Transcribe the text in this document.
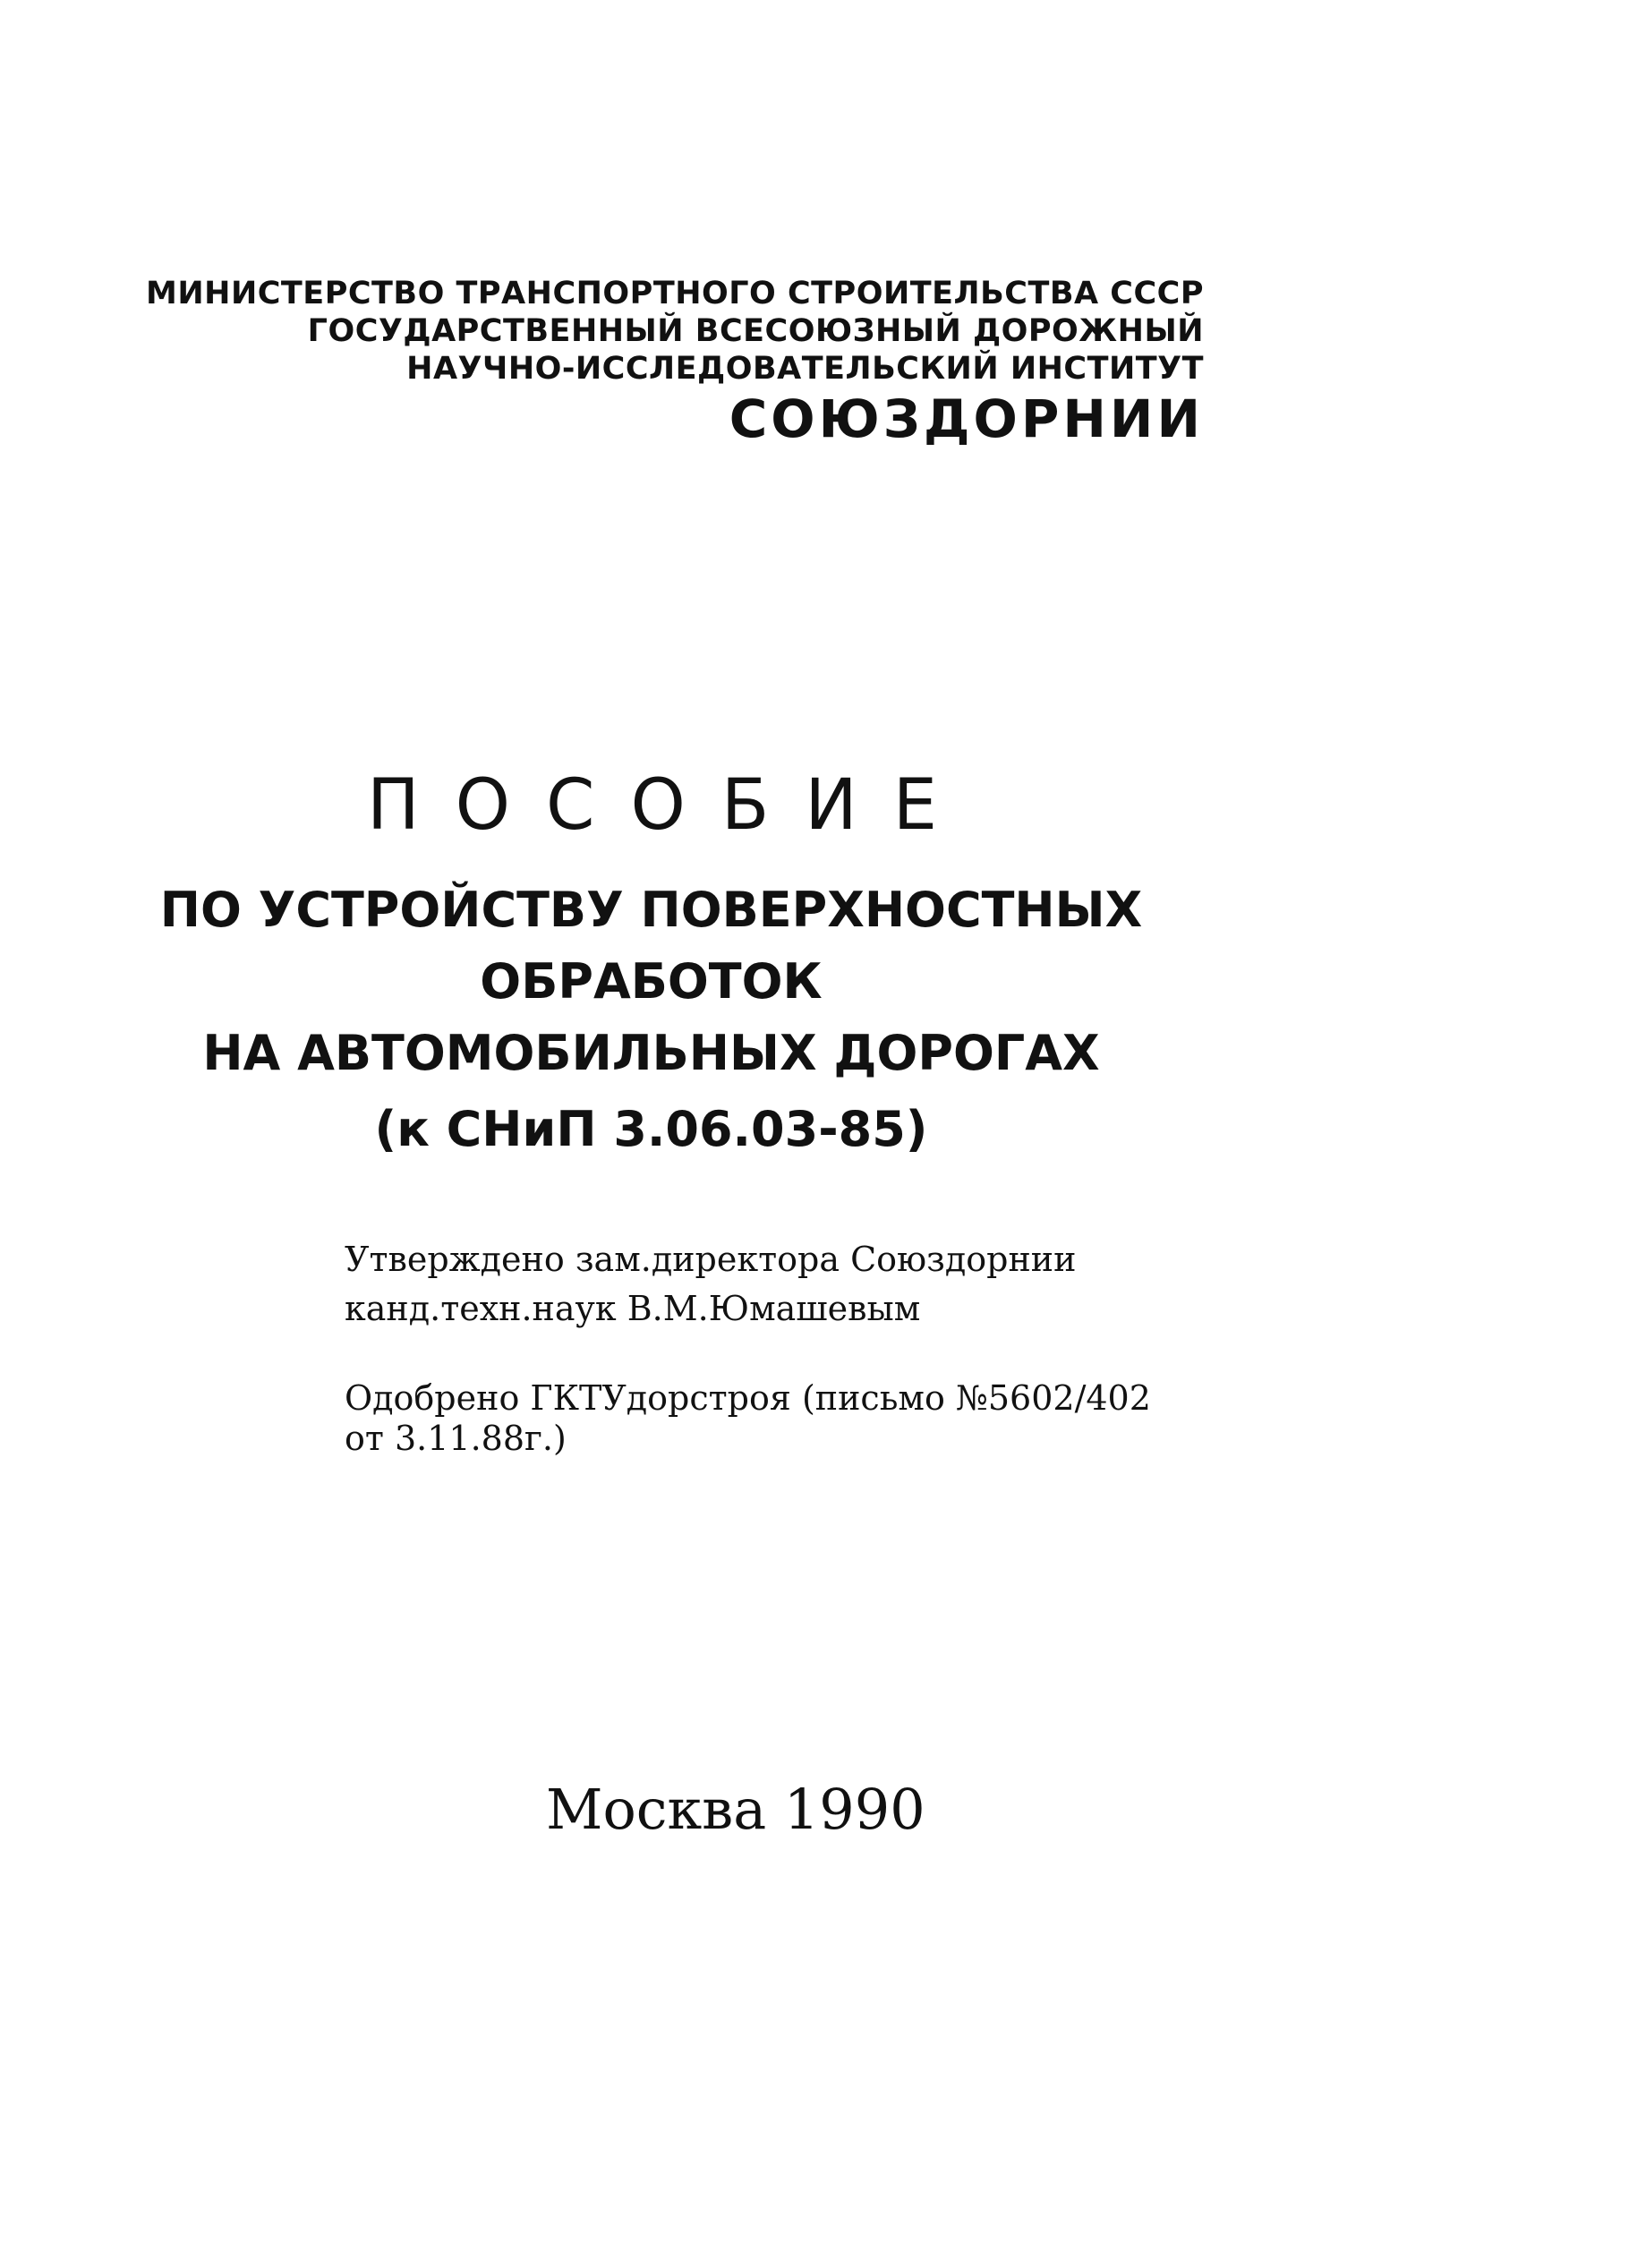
МИНИСТЕРСТВО ТРАНСПОРТНОГО СТРОИТЕЛЬСТВА СССР

ГОСУДАРСТВЕННЫЙ ВСЕСОЮЗНЫЙ ДОРОЖНЫЙ

НАУЧНО-ИССЛЕДОВАТЕЛЬСКИЙ ИНСТИТУТ

СОЮЗДОРНИИ
ПОСОБИЕ
ПО УСТРОЙСТВУ ПОВЕРХНОСТНЫХ
ОБРАБОТОК
НА АВТОМОБИЛЬНЫХ ДОРОГАХ
(к СНиП 3.06.03-85)

Утверждено зам.директора Союздорнии

канд.техн.наук В.М.Юмашевым

Одобрено ГКТУдорстроя (письмо №5602/402

от 3.11.88г.)

Москва 1990
